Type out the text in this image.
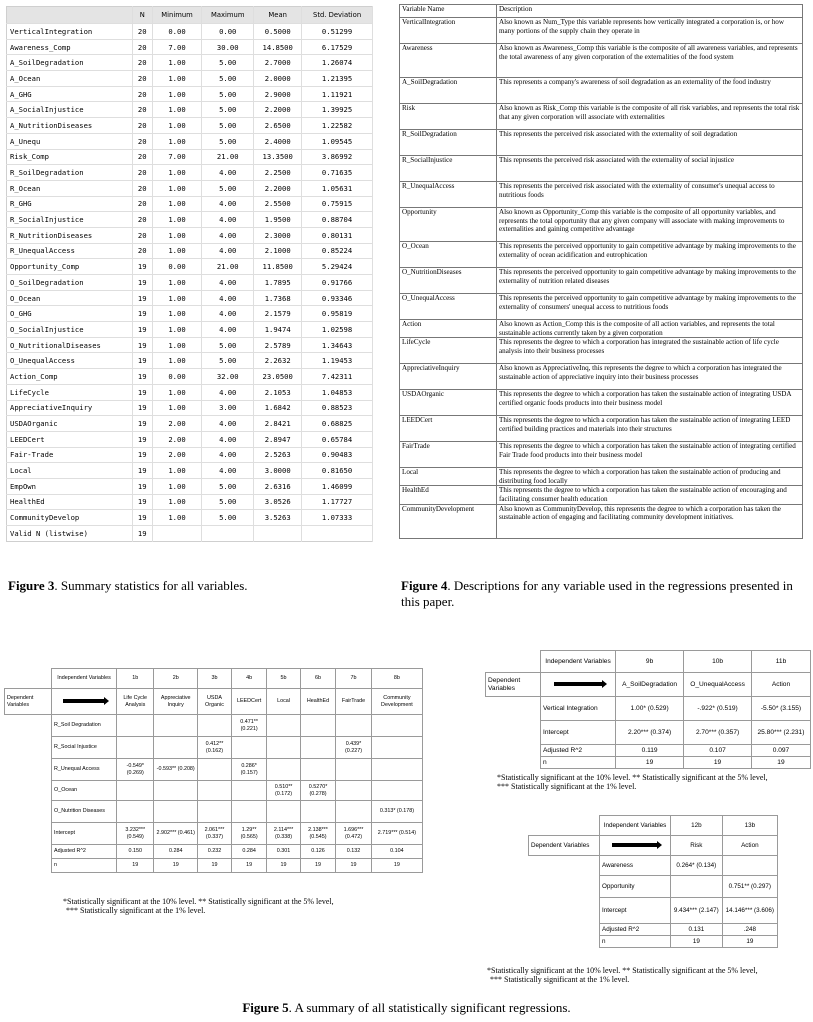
	N	Minimum	Maximum	Mean	Std. Deviation
VerticalIntegration	20	0.00	0.00	0.5000	0.51299
Awareness_Comp	20	7.00	30.00	14.8500	6.17529
A_SoilDegradation	20	1.00	5.00	2.7000	1.26074
A_Ocean	20	1.00	5.00	2.0000	1.21395
A_GHG	20	1.00	5.00	2.9000	1.11921
A_SocialInjustice	20	1.00	5.00	2.2000	1.39925
A_NutritionDiseases	20	1.00	5.00	2.6500	1.22582
A_Unequ	20	1.00	5.00	2.4000	1.09545
Risk_Comp	20	7.00	21.00	13.3500	3.86992
R_SoilDegradation	20	1.00	4.00	2.2500	0.71635
R_Ocean	20	1.00	5.00	2.2000	1.05631
R_GHG	20	1.00	4.00	2.5500	0.75915
R_SocialInjustice	20	1.00	4.00	1.9500	0.88704
R_NutritionDiseases	20	1.00	4.00	2.3000	0.80131
R_UnequalAccess	20	1.00	4.00	2.1000	0.85224
Opportunity_Comp	19	0.00	21.00	11.8500	5.29424
O_SoilDegradation	19	1.00	4.00	1.7895	0.91766
O_Ocean	19	1.00	4.00	1.7368	0.93346
O_GHG	19	1.00	4.00	2.1579	0.95819
O_SocialInjustice	19	1.00	4.00	1.9474	1.02598
O_NutritionalDiseases	19	1.00	5.00	2.5789	1.34643
O_UnequalAccess	19	1.00	5.00	2.2632	1.19453
Action_Comp	19	0.00	32.00	23.0500	7.42311
LifeCycle	19	1.00	4.00	2.1053	1.04853
AppreciativeInquiry	19	1.00	3.00	1.6842	0.88523
USDAOrganic	19	2.00	4.00	2.8421	0.68825
LEEDCert	19	2.00	4.00	2.8947	0.65784
Fair-Trade	19	2.00	4.00	2.5263	0.90483
Local	19	1.00	4.00	3.0000	0.81650
EmpOwn	19	1.00	5.00	2.6316	1.46099
HealthEd	19	1.00	5.00	3.0526	1.17727
CommunityDevelop	19	1.00	5.00	3.5263	1.07333
Valid N (listwise)	19				
Figure 3. Summary statistics for all variables.
Variable Name	Description
VerticalIntegration	Also known as Num_Type this variable represents how vertically integrated a corporation is, or how many portions of the supply chain they operate in
Awareness	Also known as Awareness_Comp this variable is the composite of all awareness variables, and represents the total awareness of any given corporation of the externalities of the food system
A_SoilDegradation	This represents a company's awareness of soil degradation as an externality of the food industry
Risk	Also known as Risk_Comp this variable is the composite of all risk variables, and represents the total risk that any given corporation will associate with externalities
R_SoilDegradation	This represents the perceived risk associated with the externality of soil degradation
R_SocialInjustice	This represents the perceived risk associated with the externality of social injustice
R_UnequalAccess	This represents the perceived risk associated with the externality of consumer's unequal access to nutritious foods
Opportunity	Also known as Opportunity_Comp this variable is the composite of all opportunity variables, and represents the total opportunity that any given company will associate with making improvements to externalities and gaining competitive advantage
O_Ocean	This represents the perceived opportunity to gain competitive advantage by making improvements to the externality of ocean acidification and eutrophication
O_NutritionDiseases	This represents the perceived opportunity to gain competitive advantage by making improvements to the externality of nutrition related diseases
O_UnequalAccess	This represents the perceived opportunity to gain competitive advantage by making improvements to the externality of consumers' unequal access to nutritious foods
Action	Also known as Action_Comp this is the composite of all action variables, and represents the total sustainable actions currently taken by a given corporation
LifeCycle	This represents the degree to which a corporation has integrated the sustainable action of life cycle analysis into their business processes
AppreciativeInquiry	Also known as AppreciativeInq, this represents the degree to which a corporation has integrated the sustainable action of appreciative inquiry into their business processes
USDAOrganic	This represents the degree to which a corporation has taken the sustainable action of integrating USDA certified organic foods products into their business model
LEEDCert	This represents the degree to which a corporation has taken the sustainable action of integrating LEED certified building practices and materials into their structures
FairTrade	This represents the degree to which a corporation has taken the sustainable action of integrating certified Fair Trade food products into their business model
Local	This represents the degree to which a corporation has taken the sustainable action of producing and distributing food locally
HealthEd	This represents the degree to which a corporation has taken the sustainable action of encouraging and facilitating consumer health education
CommunityDevelopment	Also known as CommunityDevelop, this represents the degree to which a corporation has taken the sustainable action of engaging and facilitating community development initiatives.
Figure 4. Descriptions for any variable used in the regressions presented in this paper.
	Independent Variables	1b	2b	3b	4b	5b	6b	7b	8b
Dependent Variables		Life Cycle Analysis	Appreciative Inquiry	USDA Organic	LEEDCert	Local	HealthEd	FairTrade	Community Development
	R_Soil Degradation				0.471** (0.221)				
	R_Social Injustice			0.412** (0.162)				0.439* (0.227)	
	R_Unequal Access	-0.549* (0.269)	-0.593** (0.208)		0.286* (0.157)				
	O_Ocean					0.510** (0.172)	0.5270* (0.278)		
	O_Nutrition Diseases								0.313* (0.178)
	Intercept	3.232*** (0.549)	2.902*** (0.461)	2.061*** (0.337)	1.29** (0.565)	2.114*** (0.338)	2.138*** (0.545)	1.696*** (0.472)	2.719*** (0.514)
	Adjusted R^2	0.150	0.284	0.232	0.284	0.301	0.126	0.132	0.104
	n	19	19	19	19	19	19	19	19
*Statistically significant at the 10% level. ** Statistically significant at the 5% level,
*** Statistically significant at the 1% level.
	Independent Variables	9b	10b	11b
Dependent Variables		A_SoilDegradation	O_UnequalAccess	Action
	Vertical Integration	1.00* (0.529)	-.922* (0.519)	-5.50* (3.155)
	Intercept	2.20*** (0.374)	2.70*** (0.357)	25.80*** (2.231)
	Adjusted R^2	0.119	0.107	0.097
	n	19	19	19
*Statistically significant at the 10% level. ** Statistically significant at the 5% level,
*** Statistically significant at the 1% level.
	Independent Variables	12b	13b
Dependent Variables		Risk	Action
	Awareness	0.264* (0.134)	
	Opportunity		0.751** (0.297)
	Intercept	9.434*** (2.147)	14.146*** (3.606)
	Adjusted R^2	0.131	.248
	n	19	19
*Statistically significant at the 10% level. ** Statistically significant at the 5% level,
*** Statistically significant at the 1% level.
Figure 5. A summary of all statistically significant regressions.
